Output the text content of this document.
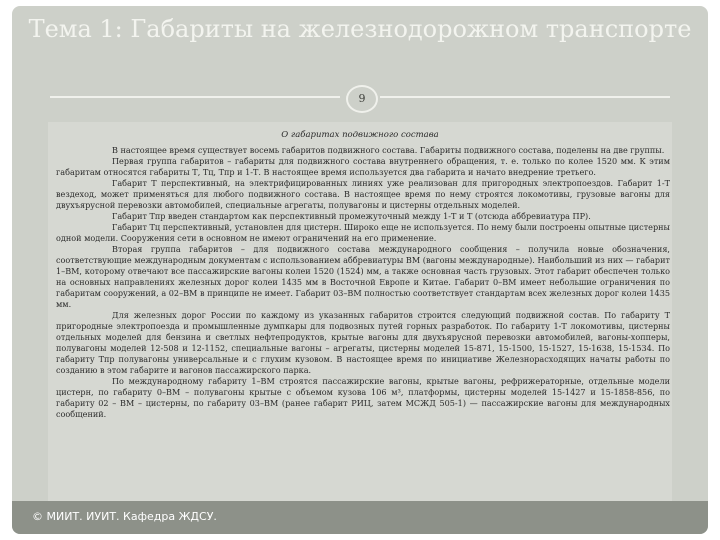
Тема 1: Габариты на железнодорожном транспорте
9
О габаритах подвижного состава

В настоящее время существует восемь габаритов подвижного состава. Габариты подвижного состава, поделены на две группы.

Первая группа габаритов – габариты для подвижного состава внутреннего обращения, т. е. только по колее 1520 мм. К этим габаритам относятся габариты Т, Тц, Тпр и 1-Т. В настоящее время используется два габарита и начато внедрение третьего.

Габарит Т перспективный, на электрифицированных линиях уже реализован для пригородных электропоездов. Габарит 1-Т вездеход, может применяться для любого подвижного состава. В настоящее время по нему строятся локомотивы, грузовые вагоны для двухъярусной перевозки автомобилей, специальные агрегаты, полувагоны и цистерны отдельных моделей.

Габарит Тпр введен стандартом как перспективный промежуточный между 1-Т и Т (отсюда аббревиатура ПР).

Габарит Тц перспективный, установлен для цистерн. Широко еще не используется. По нему были построены опытные цистерны одной модели. Сооружения сети в основном не имеют ограничений на его применение.

Вторая группа габаритов – для подвижного состава международного сообщения – получила новые обозначения, соответствующие международным документам с использованием аббревиатуры ВМ (вагоны международные). Наибольший из них — габарит 1–ВМ, которому отвечают все пассажирские вагоны колеи 1520 (1524) мм, а также основная часть грузовых. Этот габарит обеспечен только на основных направлениях железных дорог колеи 1435 мм в Восточной Европе и Китае. Габарит 0–ВМ имеет небольшие ограничения по габаритам сооружений, а 02–ВМ в принципе не имеет. Габарит 03–ВМ полностью соответствует стандартам всех железных дорог колеи 1435 мм.

Для железных дорог России по каждому из указанных габаритов строится следующий подвижной состав. По габариту Т пригородные электропоезда и промышленные думпкары для подвозных путей горных разработок. По габариту 1-Т локомотивы, цистерны отдельных моделей для бензина и светлых нефтепродуктов, крытые вагоны для двухъярусной перевозки автомобилей, вагоны-хопперы, полувагоны моделей 12-508 и 12-1152, специальные вагоны – агрегаты, цистерны моделей 15-871, 15-1500, 15-1527, 15-1638, 15-1534. По габариту Тпр полувагоны универсальные и с глухим кузовом. В настоящее время по инициативе Железнорасходящих начаты работы по созданию в этом габарите и вагонов пассажирского парка.

По международному габариту 1–ВМ строятся пассажирские вагоны, крытые вагоны, рефрижераторные, отдельные модели цистерн, по габариту 0–ВМ – полувагоны крытые с объемом кузова 106 м³, платформы, цистерны моделей 15-1427 и 15-1858-856, по габариту 02 – ВМ – цистерны, по габариту 03–ВМ (ранее габарит РИЦ, затем МСЖД 505-1) — пассажирские вагоны для международных сообщений.

© МИИТ. ИУИТ. Кафедра ЖДСУ.
